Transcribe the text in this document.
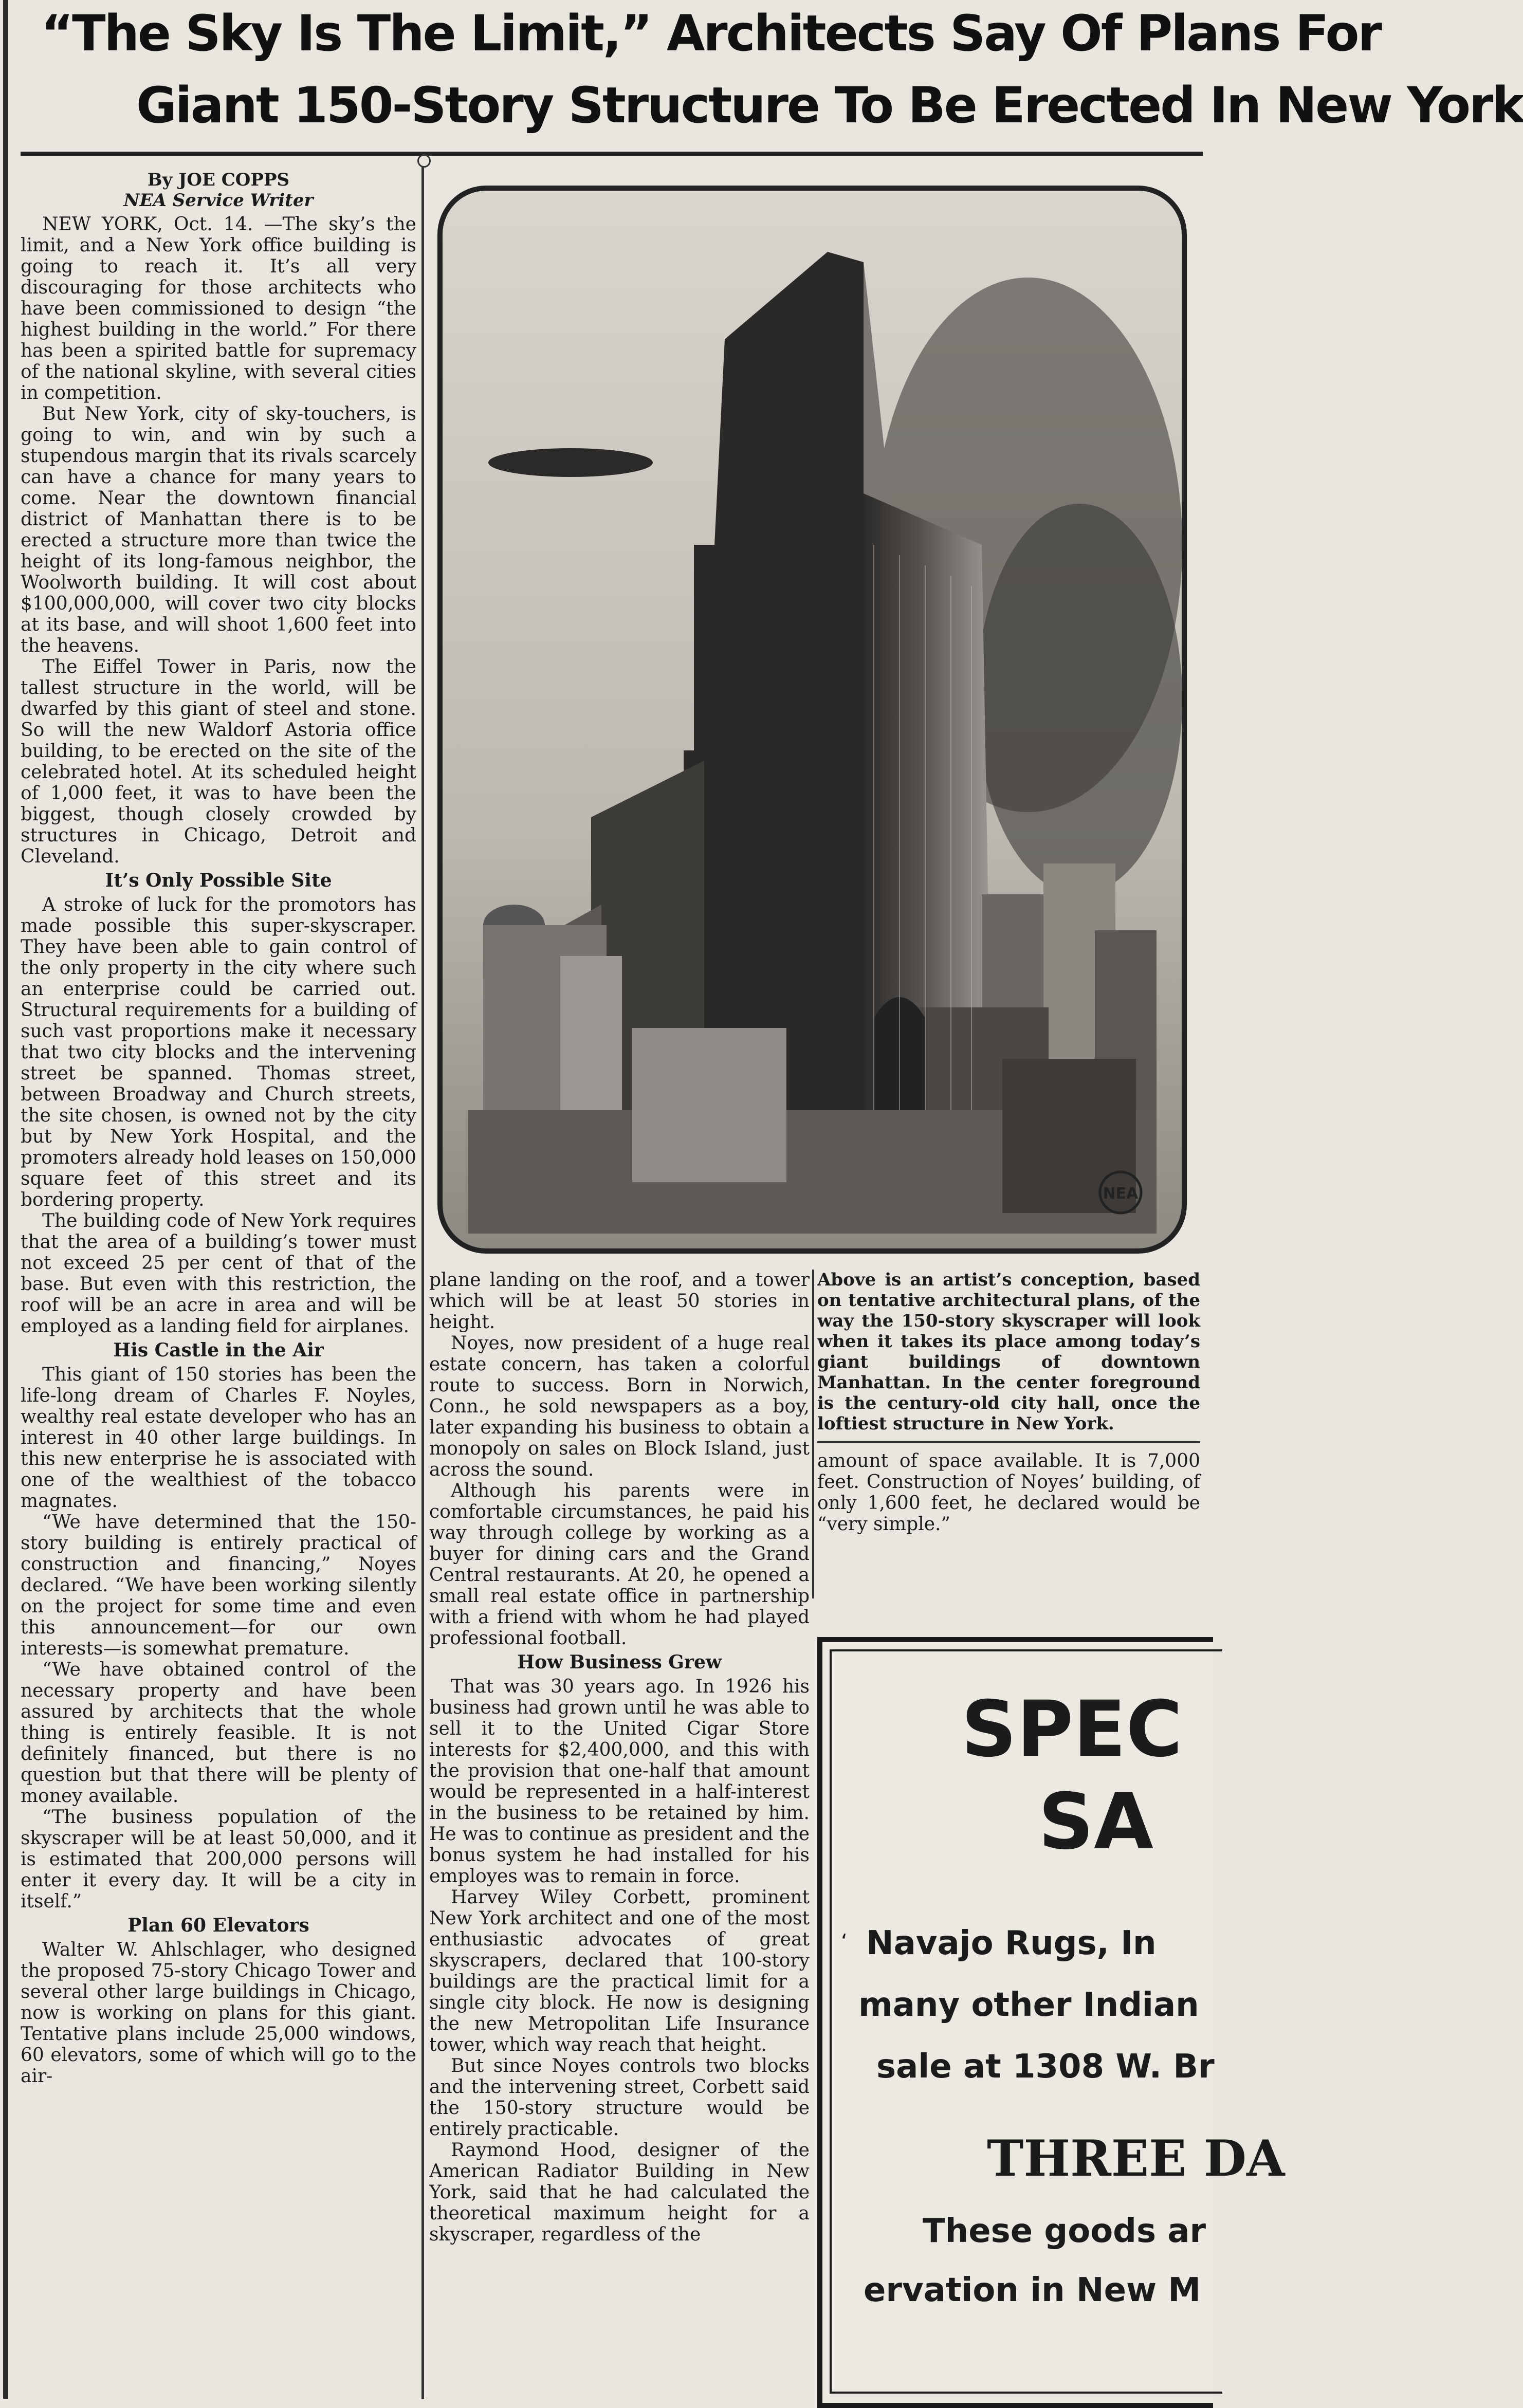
“The Sky Is The Limit,” Architects Say Of Plans For
Giant 150-Story Structure To Be Erected In New York

By JOE COPPS

NEA Service Writer

NEW YORK, Oct. 14. —The sky’s the limit, and a New York office building is going to reach it. It’s all very discouraging for those architects who have been commissioned to design “the highest building in the world.” For there has been a spirited battle for supremacy of the national skyline, with several cities in competition.

But New York, city of sky-touchers, is going to win, and win by such a stupendous margin that its rivals scarcely can have a chance for many years to come. Near the downtown financial district of Manhattan there is to be erected a structure more than twice the height of its long-famous neighbor, the Woolworth building. It will cost about $100,000,000, will cover two city blocks at its base, and will shoot 1,600 feet into the heavens.

The Eiffel Tower in Paris, now the tallest structure in the world, will be dwarfed by this giant of steel and stone. So will the new Waldorf Astoria office building, to be erected on the site of the celebrated hotel. At its scheduled height of 1,000 feet, it was to have been the biggest, though closely crowded by structures in Chicago, Detroit and Cleveland.

It’s Only Possible Site

A stroke of luck for the promotors has made possible this super-skyscraper. They have been able to gain control of the only property in the city where such an enterprise could be carried out. Structural requirements for a building of such vast proportions make it necessary that two city blocks and the intervening street be spanned. Thomas street, between Broadway and Church streets, the site chosen, is owned not by the city but by New York Hospital, and the promoters already hold leases on 150,000 square feet of this street and its bordering property.

The building code of New York requires that the area of a building’s tower must not exceed 25 per cent of that of the base. But even with this restriction, the roof will be an acre in area and will be employed as a landing field for airplanes.

His Castle in the Air

This giant of 150 stories has been the life-long dream of Charles F. Noyles, wealthy real estate developer who has an interest in 40 other large buildings. In this new enterprise he is associated with one of the wealthiest of the tobacco magnates.

“We have determined that the 150-story building is entirely practical of construction and financing,” Noyes declared. “We have been working silently on the project for some time and even this announcement—for our own interests—is somewhat premature.

“We have obtained control of the necessary property and have been assured by architects that the whole thing is entirely feasible. It is not definitely financed, but there is no question but that there will be plenty of money available.

“The business population of the skyscraper will be at least 50,000, and it is estimated that 200,000 persons will enter it every day. It will be a city in itself.”

Plan 60 Elevators

Walter W. Ahlschlager, who designed the proposed 75-story Chicago Tower and several other large buildings in Chicago, now is working on plans for this giant. Tentative plans include 25,000 windows, 60 elevators, some of which will go to the air-

NEA

plane landing on the roof, and a tower which will be at least 50 stories in height.

Noyes, now president of a huge real estate concern, has taken a colorful route to success. Born in Norwich, Conn., he sold newspapers as a boy, later expanding his business to obtain a monopoly on sales on Block Island, just across the sound.

Although his parents were in comfortable circumstances, he paid his way through college by working as a buyer for dining cars and the Grand Central restaurants. At 20, he opened a small real estate office in partnership with a friend with whom he had played professional football.

How Business Grew

That was 30 years ago. In 1926 his business had grown until he was able to sell it to the United Cigar Store interests for $2,400,000, and this with the provision that one-half that amount would be represented in a half-interest in the business to be retained by him. He was to continue as president and the bonus system he had installed for his employes was to remain in force.

Harvey Wiley Corbett, prominent New York architect and one of the most enthusiastic advocates of great skyscrapers, declared that 100-story buildings are the practical limit for a single city block. He now is designing the new Metropolitan Life Insurance tower, which way reach that height.

But since Noyes controls two blocks and the intervening street, Corbett said the 150-story structure would be entirely practicable.

Raymond Hood, designer of the American Radiator Building in New York, said that he had calculated the theoretical maximum height for a skyscraper, regardless of the

Above is an artist’s conception, based on tentative architectural plans, of the way the 150-story skyscraper will look when it takes its place among today’s giant buildings of downtown Manhattan. In the center foreground is the century-old city hall, once the loftiest structure in New York.

amount of space available. It is 7,000 feet. Construction of Noyes’ building, of only 1,600 feet, he declared would be “very simple.”

SPEC
SA
‘ Navajo Rugs, In
many other Indian
sale at 1308 W. Br
THREE DA
These goods ar
ervation in New M
